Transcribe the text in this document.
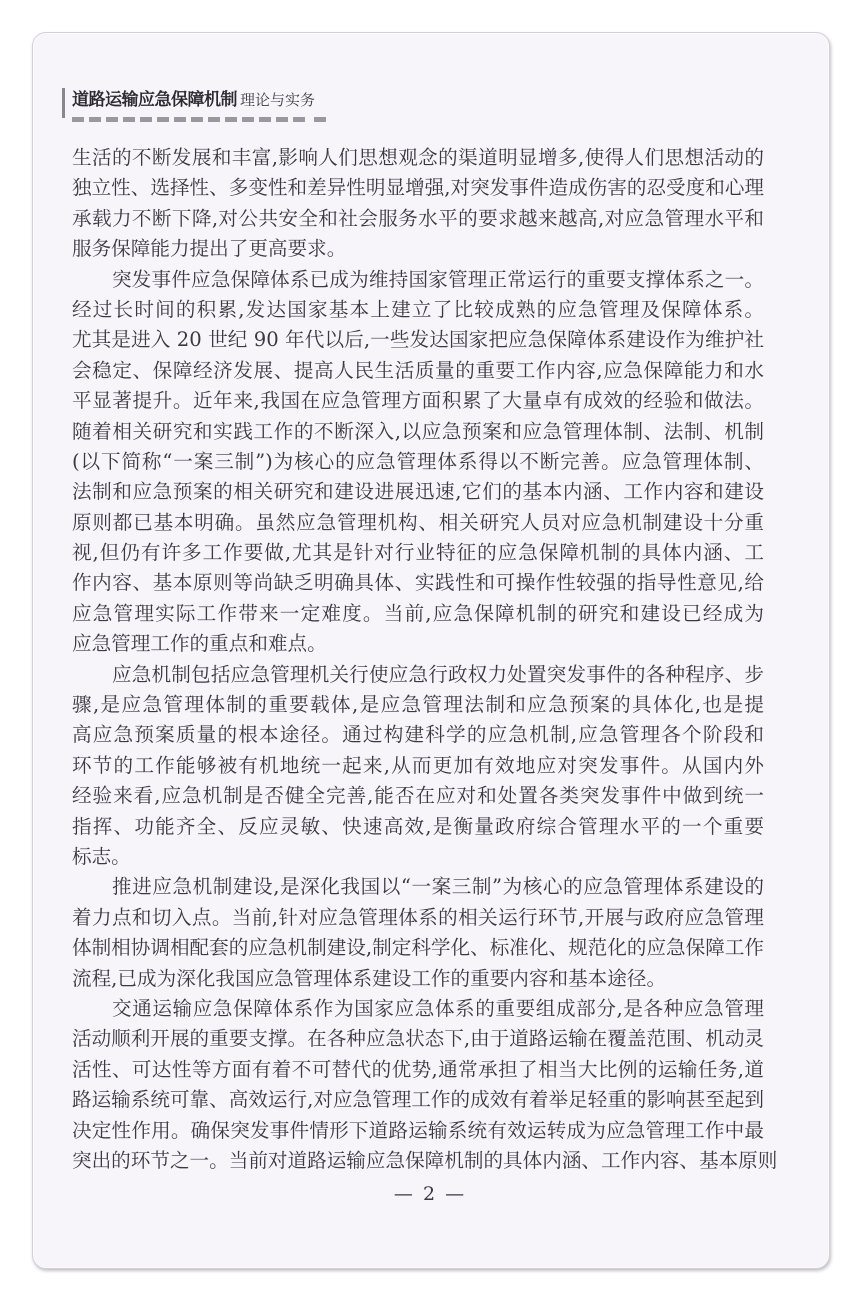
道路运输应急保障机制 理论与实务
生活的不断发展和丰富,影响人们思想观念的渠道明显增多,使得人们思想活动的
独立性、选择性、多变性和差异性明显增强,对突发事件造成伤害的忍受度和心理
承载力不断下降,对公共安全和社会服务水平的要求越来越高,对应急管理水平和
服务保障能力提出了更高要求。
突发事件应急保障体系已成为维持国家管理正常运行的重要支撑体系之一。
经过长时间的积累,发达国家基本上建立了比较成熟的应急管理及保障体系。
尤其是进入 20 世纪 90 年代以后,一些发达国家把应急保障体系建设作为维护社
会稳定、保障经济发展、提高人民生活质量的重要工作内容,应急保障能力和水
平显著提升。近年来,我国在应急管理方面积累了大量卓有成效的经验和做法。
随着相关研究和实践工作的不断深入,以应急预案和应急管理体制、法制、机制
(以下简称“一案三制”)为核心的应急管理体系得以不断完善。应急管理体制、
法制和应急预案的相关研究和建设进展迅速,它们的基本内涵、工作内容和建设
原则都已基本明确。虽然应急管理机构、相关研究人员对应急机制建设十分重
视,但仍有许多工作要做,尤其是针对行业特征的应急保障机制的具体内涵、工
作内容、基本原则等尚缺乏明确具体、实践性和可操作性较强的指导性意见,给
应急管理实际工作带来一定难度。当前,应急保障机制的研究和建设已经成为
应急管理工作的重点和难点。
应急机制包括应急管理机关行使应急行政权力处置突发事件的各种程序、步
骤,是应急管理体制的重要载体,是应急管理法制和应急预案的具体化,也是提
高应急预案质量的根本途径。通过构建科学的应急机制,应急管理各个阶段和
环节的工作能够被有机地统一起来,从而更加有效地应对突发事件。从国内外
经验来看,应急机制是否健全完善,能否在应对和处置各类突发事件中做到统一
指挥、功能齐全、反应灵敏、快速高效,是衡量政府综合管理水平的一个重要
标志。
推进应急机制建设,是深化我国以“一案三制”为核心的应急管理体系建设的
着力点和切入点。当前,针对应急管理体系的相关运行环节,开展与政府应急管理
体制相协调相配套的应急机制建设,制定科学化、标准化、规范化的应急保障工作
流程,已成为深化我国应急管理体系建设工作的重要内容和基本途径。
交通运输应急保障体系作为国家应急体系的重要组成部分,是各种应急管理
活动顺利开展的重要支撑。在各种应急状态下,由于道路运输在覆盖范围、机动灵
活性、可达性等方面有着不可替代的优势,通常承担了相当大比例的运输任务,道
路运输系统可靠、高效运行,对应急管理工作的成效有着举足轻重的影响甚至起到
决定性作用。确保突发事件情形下道路运输系统有效运转成为应急管理工作中最
突出的环节之一。当前对道路运输应急保障机制的具体内涵、工作内容、基本原则
— 2 —
